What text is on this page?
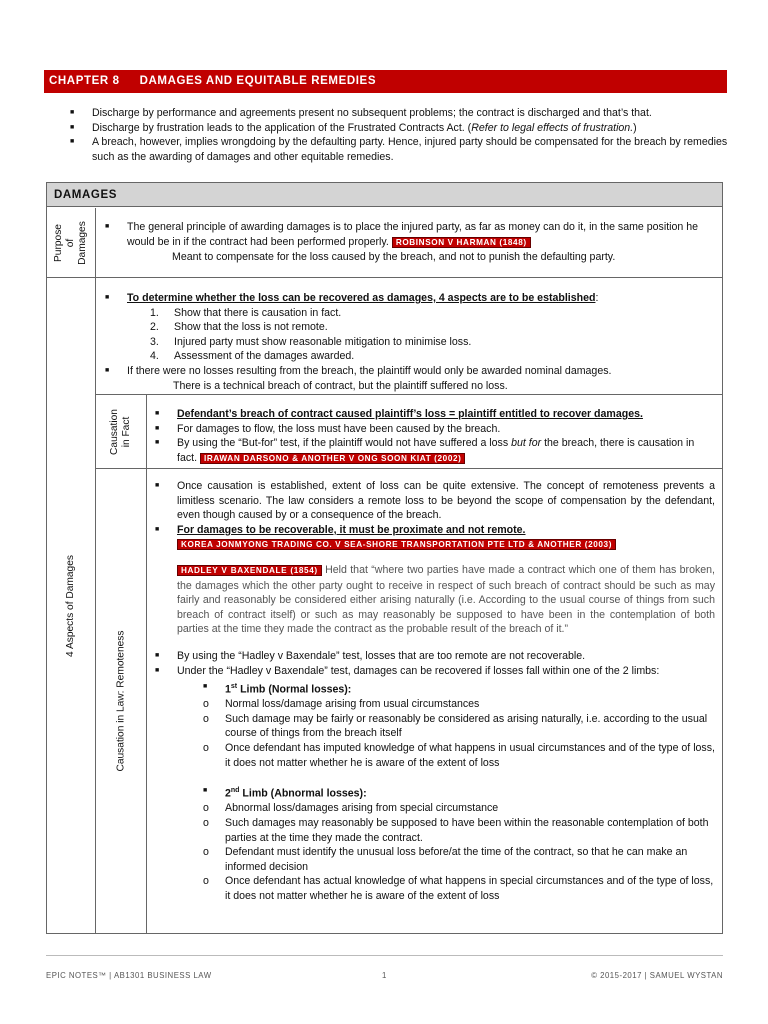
CHAPTER 8 DAMAGES AND EQUITABLE REMEDIES
■ Discharge by performance and agreements present no subsequent problems; the contract is discharged and that’s that.
■ Discharge by frustration leads to the application of the Frustrated Contracts Act. (Refer to legal effects of frustration.)
■ A breach, however, implies wrongdoing by the defaulting party. Hence, injured party should be compensated for the breach by remedies such as the awarding of damages and other equitable remedies.
DAMAGES
Purpose of Damages
4 Aspects of Damages
Causation in Fact
Causation in Law: Remoteness
■ The general principle of awarding damages is to place the injured party, as far as money can do it, in the same position he would be in if the contract had been performed properly. ROBINSON V HARMAN (1848)
Meant to compensate for the loss caused by the breach, and not to punish the defaulting party.
■ To determine whether the loss can be recovered as damages, 4 aspects are to be established:
1. Show that there is causation in fact.
2. Show that the loss is not remote.
3. Injured party must show reasonable mitigation to minimise loss.
4. Assessment of the damages awarded.
■ If there were no losses resulting from the breach, the plaintiff would only be awarded nominal damages.
There is a technical breach of contract, but the plaintiff suffered no loss.
■ Defendant’s breach of contract caused plaintiff’s loss = plaintiff entitled to recover damages.
■ For damages to flow, the loss must have been caused by the breach.
■ By using the “But-for” test, if the plaintiff would not have suffered a loss but for the breach, there is causation in fact. IRAWAN DARSONO & ANOTHER V ONG SOON KIAT (2002)
■ Once causation is established, extent of loss can be quite extensive. The concept of remoteness prevents a limitless scenario. The law considers a remote loss to be beyond the scope of compensation by the defendant, even though caused by or a consequence of the breach.
■ For damages to be recoverable, it must be proximate and not remote.
KOREA JONMYONG TRADING CO. V SEA-SHORE TRANSPORTATION PTE LTD & ANOTHER (2003)
HADLEY V BAXENDALE (1854) Held that “where two parties have made a contract which one of them has broken, the damages which the other party ought to receive in respect of such breach of contract should be such as may fairly and reasonably be considered either arising naturally (i.e. According to the usual course of things from such breach of contract itself) or such as may reasonably be supposed to have been in the contemplation of both parties at the time they made the contract as the probable result of the breach of it.”
■ By using the “Hadley v Baxendale” test, losses that are too remote are not recoverable.
■ Under the “Hadley v Baxendale” test, damages can be recovered if losses fall within one of the 2 limbs:
■ 1st Limb (Normal losses):
o Normal loss/damage arising from usual circumstances
o Such damage may be fairly or reasonably be considered as arising naturally, i.e. according to the usual course of things from the breach itself
o Once defendant has imputed knowledge of what happens in usual circumstances and of the type of loss, it does not matter whether he is aware of the extent of loss
■ 2nd Limb (Abnormal losses):
o Abnormal loss/damages arising from special circumstance
o Such damages may reasonably be supposed to have been within the reasonable contemplation of both parties at the time they made the contract.
o Defendant must identify the unusual loss before/at the time of the contract, so that he can make an informed decision
o Once defendant has actual knowledge of what happens in special circumstances and of the type of loss, it does not matter whether he is aware of the extent of loss
EPIC NOTES™ | AB1301 BUSINESS LAW	1	© 2015-2017 | SAMUEL WYSTAN
